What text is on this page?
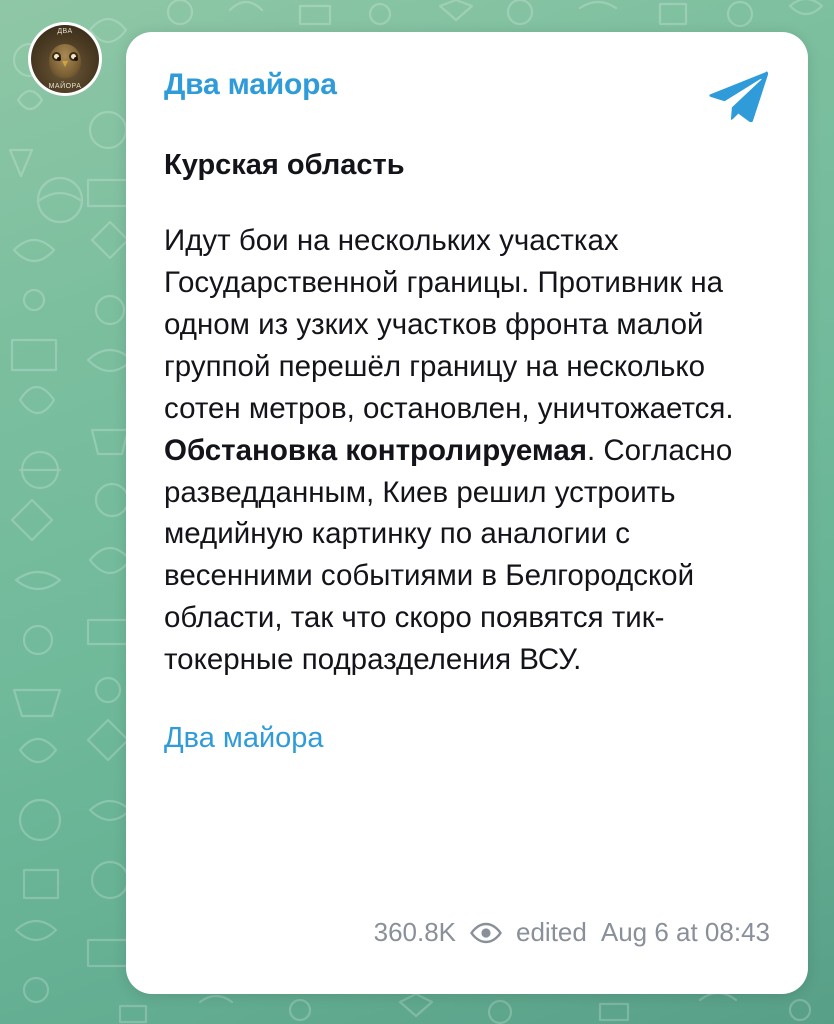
ДВА
МАЙОРА	Два майора
Курская область
Идут бои на нескольких участках Государственной границы. Противник на одном из узких участков фронта малой группой перешёл границу на несколько сотен метров, остановлен, уничтожается. Обстановка контролируемая. Согласно разведданным, Киев решил устроить медийную картинку по аналогии с весенними событиями в Белгородской области, так что скоро появятся тик-токерные подразделения ВСУ.
Два майора
360.8K edited Aug 6 at 08:43
